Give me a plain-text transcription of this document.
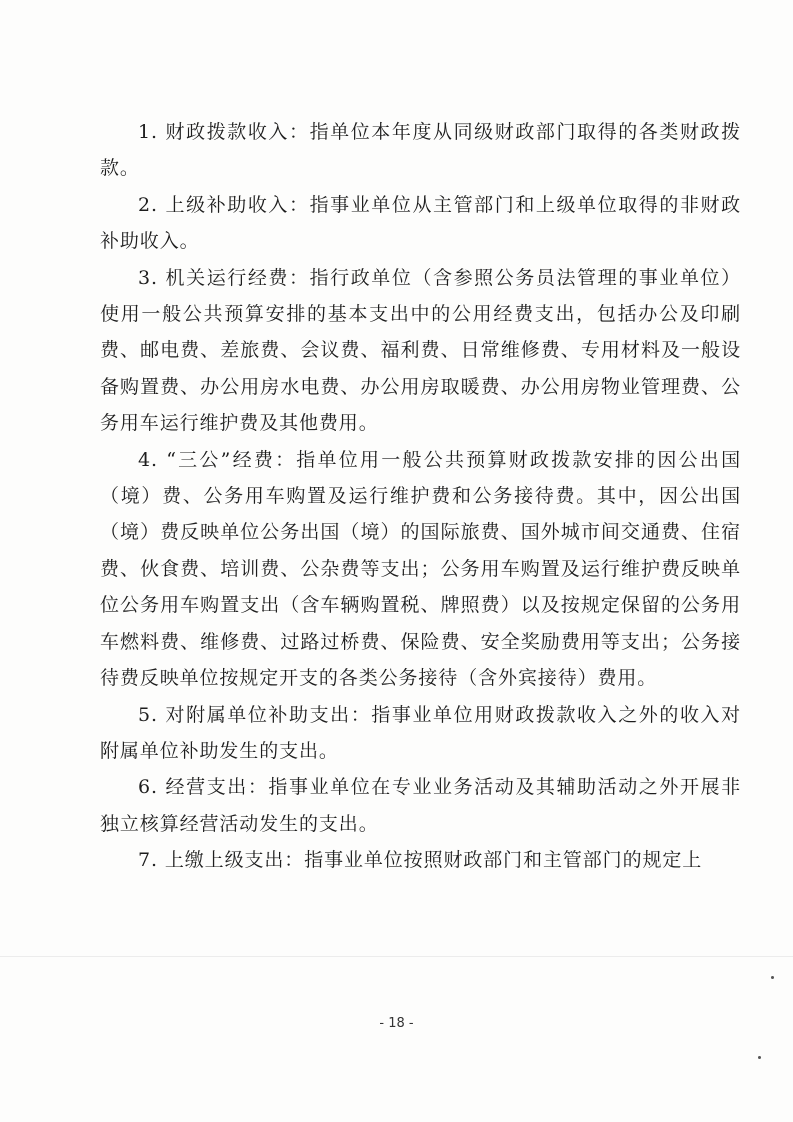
1. 财政拨款收入：指单位本年度从同级财政部门取得的各类财政拨款。

2. 上级补助收入：指事业单位从主管部门和上级单位取得的非财政补助收入。

3. 机关运行经费：指行政单位（含参照公务员法管理的事业单位）使用一般公共预算安排的基本支出中的公用经费支出，包括办公及印刷费、邮电费、差旅费、会议费、福利费、日常维修费、专用材料及一般设备购置费、办公用房水电费、办公用房取暖费、办公用房物业管理费、公务用车运行维护费及其他费用。

4. “三公”经费：指单位用一般公共预算财政拨款安排的因公出国（境）费、公务用车购置及运行维护费和公务接待费。其中，因公出国（境）费反映单位公务出国（境）的国际旅费、国外城市间交通费、住宿费、伙食费、培训费、公杂费等支出；公务用车购置及运行维护费反映单位公务用车购置支出（含车辆购置税、牌照费）以及按规定保留的公务用车燃料费、维修费、过路过桥费、保险费、安全奖励费用等支出；公务接待费反映单位按规定开支的各类公务接待（含外宾接待）费用。

5. 对附属单位补助支出：指事业单位用财政拨款收入之外的收入对附属单位补助发生的支出。

6. 经营支出：指事业单位在专业业务活动及其辅助活动之外开展非独立核算经营活动发生的支出。

7. 上缴上级支出：指事业单位按照财政部门和主管部门的规定上

- 18 -
